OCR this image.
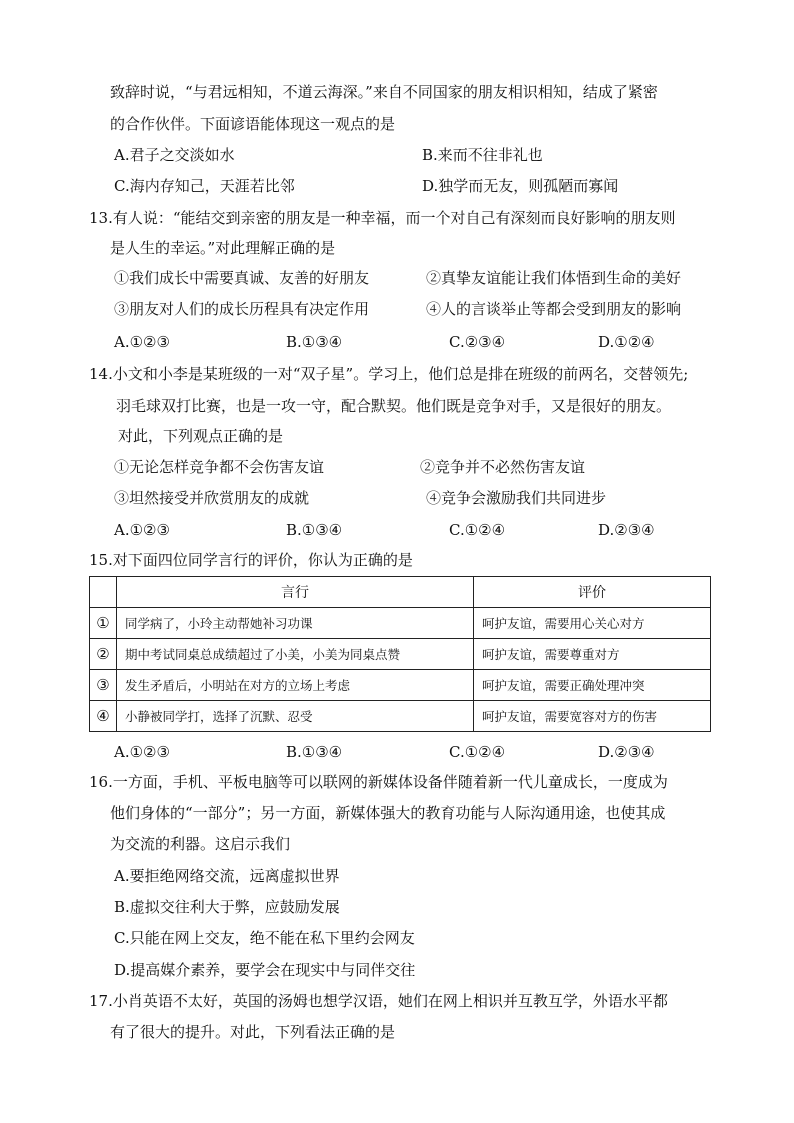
致辞时说，“与君远相知，不道云海深。”来自不同国家的朋友相识相知，结成了紧密
的合作伙伴。下面谚语能体现这一观点的是
A.君子之交淡如水	B.来而不往非礼也
C.海内存知己，天涯若比邻	D.独学而无友，则孤陋而寡闻
13.有人说：“能结交到亲密的朋友是一种幸福，而一个对自己有深刻而良好影响的朋友则
是人生的幸运。”对此理解正确的是
①我们成长中需要真诚、友善的好朋友	②真挚友谊能让我们体悟到生命的美好
③朋友对人们的成长历程具有决定作用	④人的言谈举止等都会受到朋友的影响
A.①②③	B.①③④	C.②③④	D.①②④
14.小文和小李是某班级的一对“双子星”。学习上，他们总是排在班级的前两名，交替领先;
羽毛球双打比赛，也是一攻一守，配合默契。他们既是竞争对手，又是很好的朋友。
对此，下列观点正确的是
①无论怎样竞争都不会伤害友谊	②竞争并不必然伤害友谊
③坦然接受并欣赏朋友的成就	④竞争会激励我们共同进步
A.①②③	B.①③④	C.①②④	D.②③④
15.对下面四位同学言行的评价，你认为正确的是
	言行	评价
①	同学病了，小玲主动帮她补习功课	呵护友谊，需要用心关心对方
②	期中考试同桌总成绩超过了小美，小美为同桌点赞	呵护友谊，需要尊重对方
③	发生矛盾后，小明站在对方的立场上考虑	呵护友谊，需要正确处理冲突
④	小静被同学打，选择了沉默、忍受	呵护友谊，需要宽容对方的伤害
A.①②③	B.①③④	C.①②④	D.②③④
16.一方面，手机、平板电脑等可以联网的新媒体设备伴随着新一代儿童成长，一度成为
他们身体的“一部分”；另一方面，新媒体强大的教育功能与人际沟通用途，也使其成
为交流的利器。这启示我们
A.要拒绝网络交流，远离虚拟世界
B.虚拟交往利大于弊，应鼓励发展
C.只能在网上交友，绝不能在私下里约会网友
D.提高媒介素养，要学会在现实中与同伴交往
17.小肖英语不太好，英国的汤姆也想学汉语，她们在网上相识并互教互学，外语水平都
有了很大的提升。对此，下列看法正确的是
